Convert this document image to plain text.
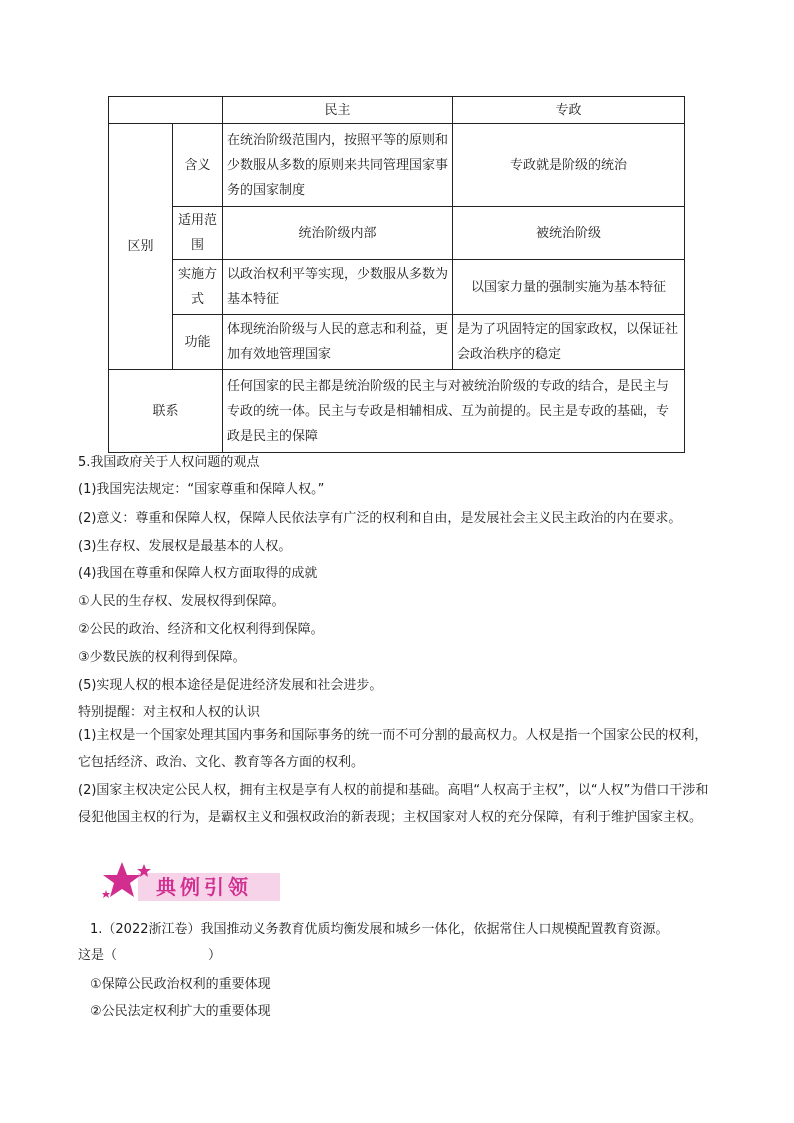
		民主	专政
区别	含义	在统治阶级范围内，按照平等的原则和少数服从多数的原则来共同管理国家事务的国家制度	专政就是阶级的统治
	适用范围	统治阶级内部	被统治阶级
	实施方式	以政治权利平等实现，少数服从多数为基本特征	以国家力量的强制实施为基本特征
	功能	体现统治阶级与人民的意志和利益，更加有效地管理国家	是为了巩固特定的国家政权，以保证社会政治秩序的稳定
联系		任何国家的民主都是统治阶级的民主与对被统治阶级的专政的结合，是民主与专政的统一体。民主与专政是相辅相成、互为前提的。民主是专政的基础，专政是民主的保障	
5.我国政府关于人权问题的观点
(1)我国宪法规定：“国家尊重和保障人权。”
(2)意义：尊重和保障人权，保障人民依法享有广泛的权利和自由，是发展社会主义民主政治的内在要求。
(3)生存权、发展权是最基本的人权。
(4)我国在尊重和保障人权方面取得的成就
①人民的生存权、发展权得到保障。
②公民的政治、经济和文化权利得到保障。
③少数民族的权利得到保障。
(5)实现人权的根本途径是促进经济发展和社会进步。
特别提醒：对主权和人权的认识
(1)主权是一个国家处理其国内事务和国际事务的统一而不可分割的最高权力。人权是指一个国家公民的权利，它包括经济、政治、文化、教育等各方面的权利。
(2)国家主权决定公民人权，拥有主权是享有人权的前提和基础。高唱“人权高于主权”，以“人权”为借口干涉和侵犯他国主权的行为，是霸权主义和强权政治的新表现；主权国家对人权的充分保障，有利于维护国家主权。
典例引领
1.（2022浙江卷）我国推动义务教育优质均衡发展和城乡一体化，依据常住人口规模配置教育资源。
这是（　　　　　　　）
①保障公民政治权利的重要体现
②公民法定权利扩大的重要体现
